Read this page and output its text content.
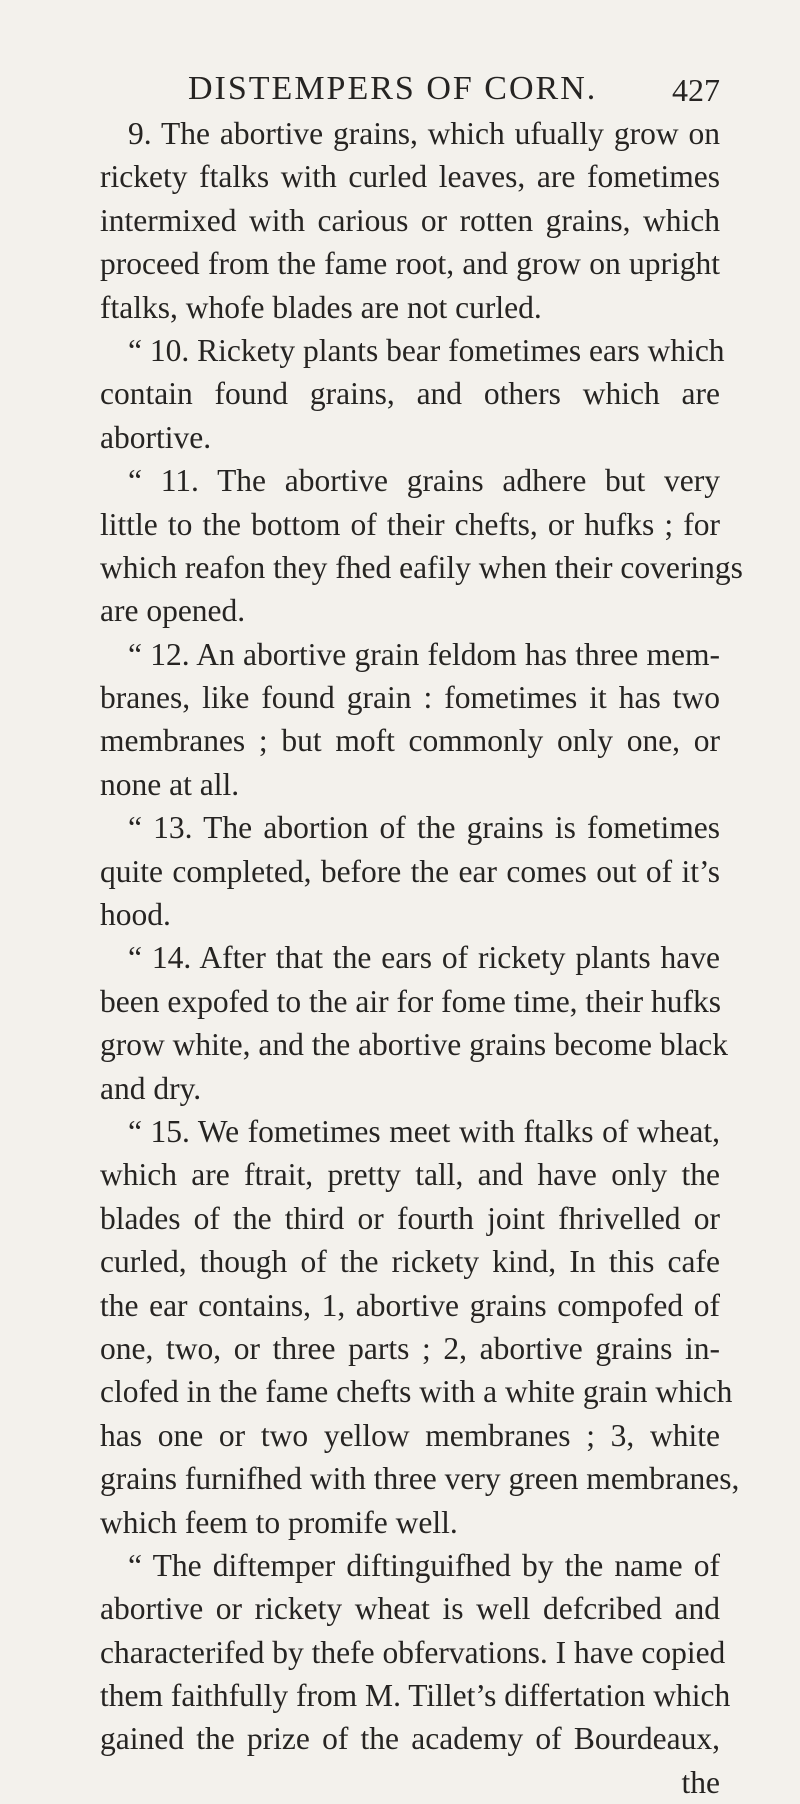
DISTEMPERS OF CORN. 427
9. The abortive grains, which ufually grow on
rickety ftalks with curled leaves, are fometimes
intermixed with carious or rotten grains, which
proceed from the fame root, and grow on upright
ftalks, whofe blades are not curled.
“ 10. Rickety plants bear fometimes ears which
contain found grains, and others which are
abortive.
“ 11. The abortive grains adhere but very
little to the bottom of their chefts, or hufks ; for
which reafon they fhed eafily when their coverings
are opened.
“ 12. An abortive grain feldom has three mem-
branes, like found grain : fometimes it has two
membranes ; but moft commonly only one, or
none at all.
“ 13. The abortion of the grains is fometimes
quite completed, before the ear comes out of it’s
hood.
“ 14. After that the ears of rickety plants have
been expofed to the air for fome time, their hufks
grow white, and the abortive grains become black
and dry.
“ 15. We fometimes meet with ftalks of wheat,
which are ftrait, pretty tall, and have only the
blades of the third or fourth joint fhrivelled or
curled, though of the rickety kind, In this cafe
the ear contains, 1, abortive grains compofed of
one, two, or three parts ; 2, abortive grains in-
clofed in the fame chefts with a white grain which
has one or two yellow membranes ; 3, white
grains furnifhed with three very green membranes,
which feem to promife well.
“ The diftemper diftinguifhed by the name of
abortive or rickety wheat is well defcribed and
characterifed by thefe obfervations. I have copied
them faithfully from M. Tillet’s differtation which
gained the prize of the academy of Bourdeaux,
the
